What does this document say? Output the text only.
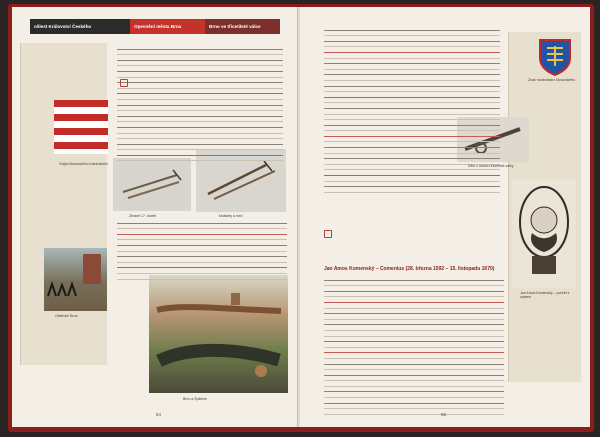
ošlest Království Českého	Opevnění města Brna	Brno ve třicetileté válce
Vlajka Moravského markrabství
Zbraně 17. století	Muškety a meč
Obléhání Brna
Brno a Špilberk
84
Jan Amos Komenský – Comenius (28. března 1592 – 15. listopadu 1670)
Znak markrabství Moravského
Dělo z období třicetileté války
Jan Amos Komenský – portrét s opisem
85
